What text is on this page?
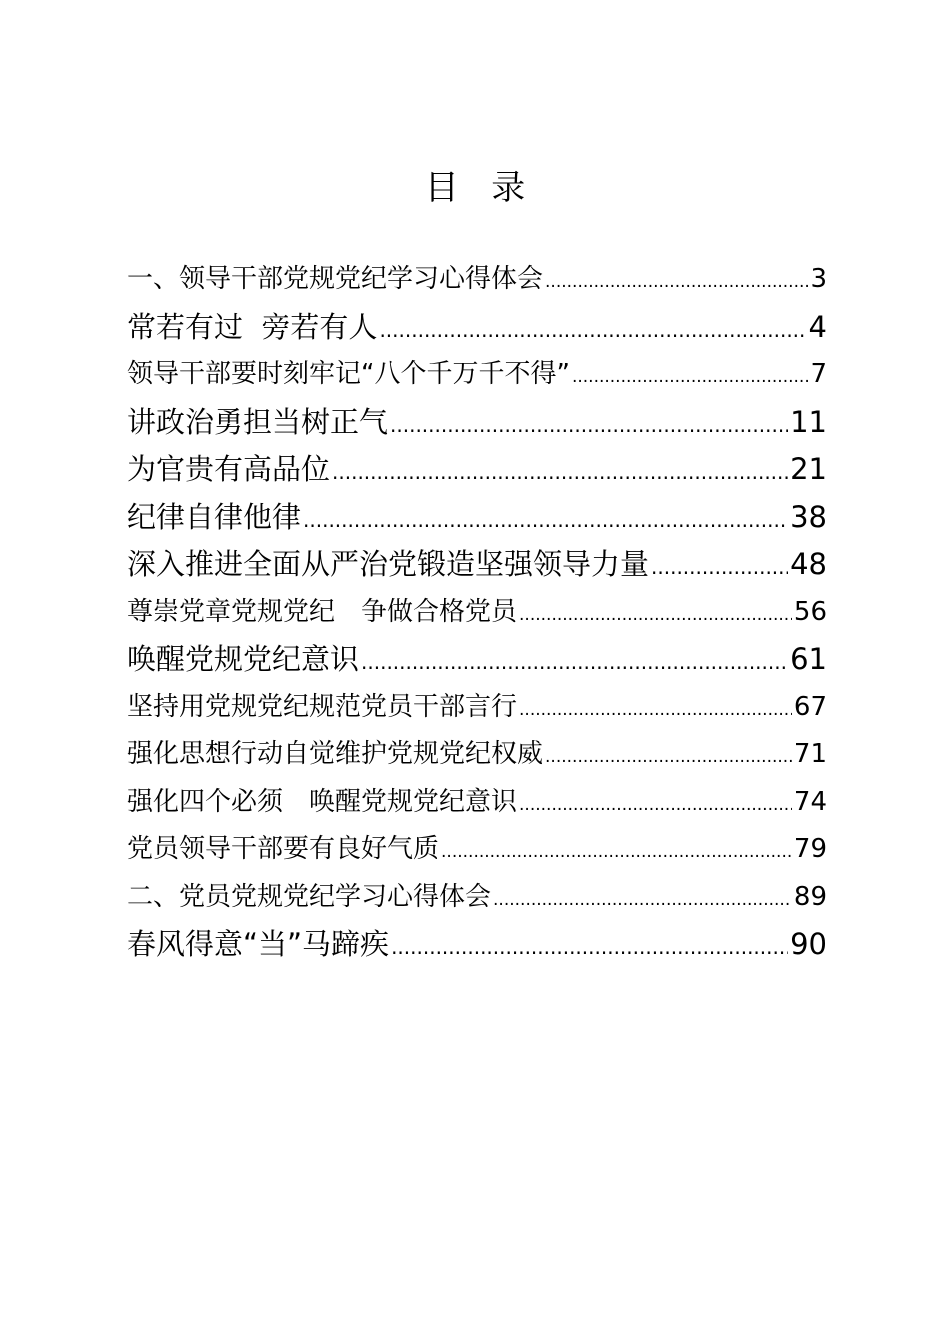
目   录
一、领导干部党规党纪学习心得体会 .....	3
常若有过  旁若有人 .....	4
领导干部要时刻牢记“八个千万千不得” .....	7
讲政治勇担当树正气 .....	11
为官贵有高品位 .....	21
纪律自律他律 .....	38
深入推进全面从严治党锻造坚强领导力量 .....	48
尊崇党章党规党纪　争做合格党员 .....	56
唤醒党规党纪意识 .....	61
坚持用党规党纪规范党员干部言行 .....	67
强化思想行动自觉维护党规党纪权威 .....	71
强化四个必须　唤醒党规党纪意识 .....	74
党员领导干部要有良好气质 .....	79
二、党员党规党纪学习心得体会 .....	89
春风得意“当”马蹄疾 .....	90
